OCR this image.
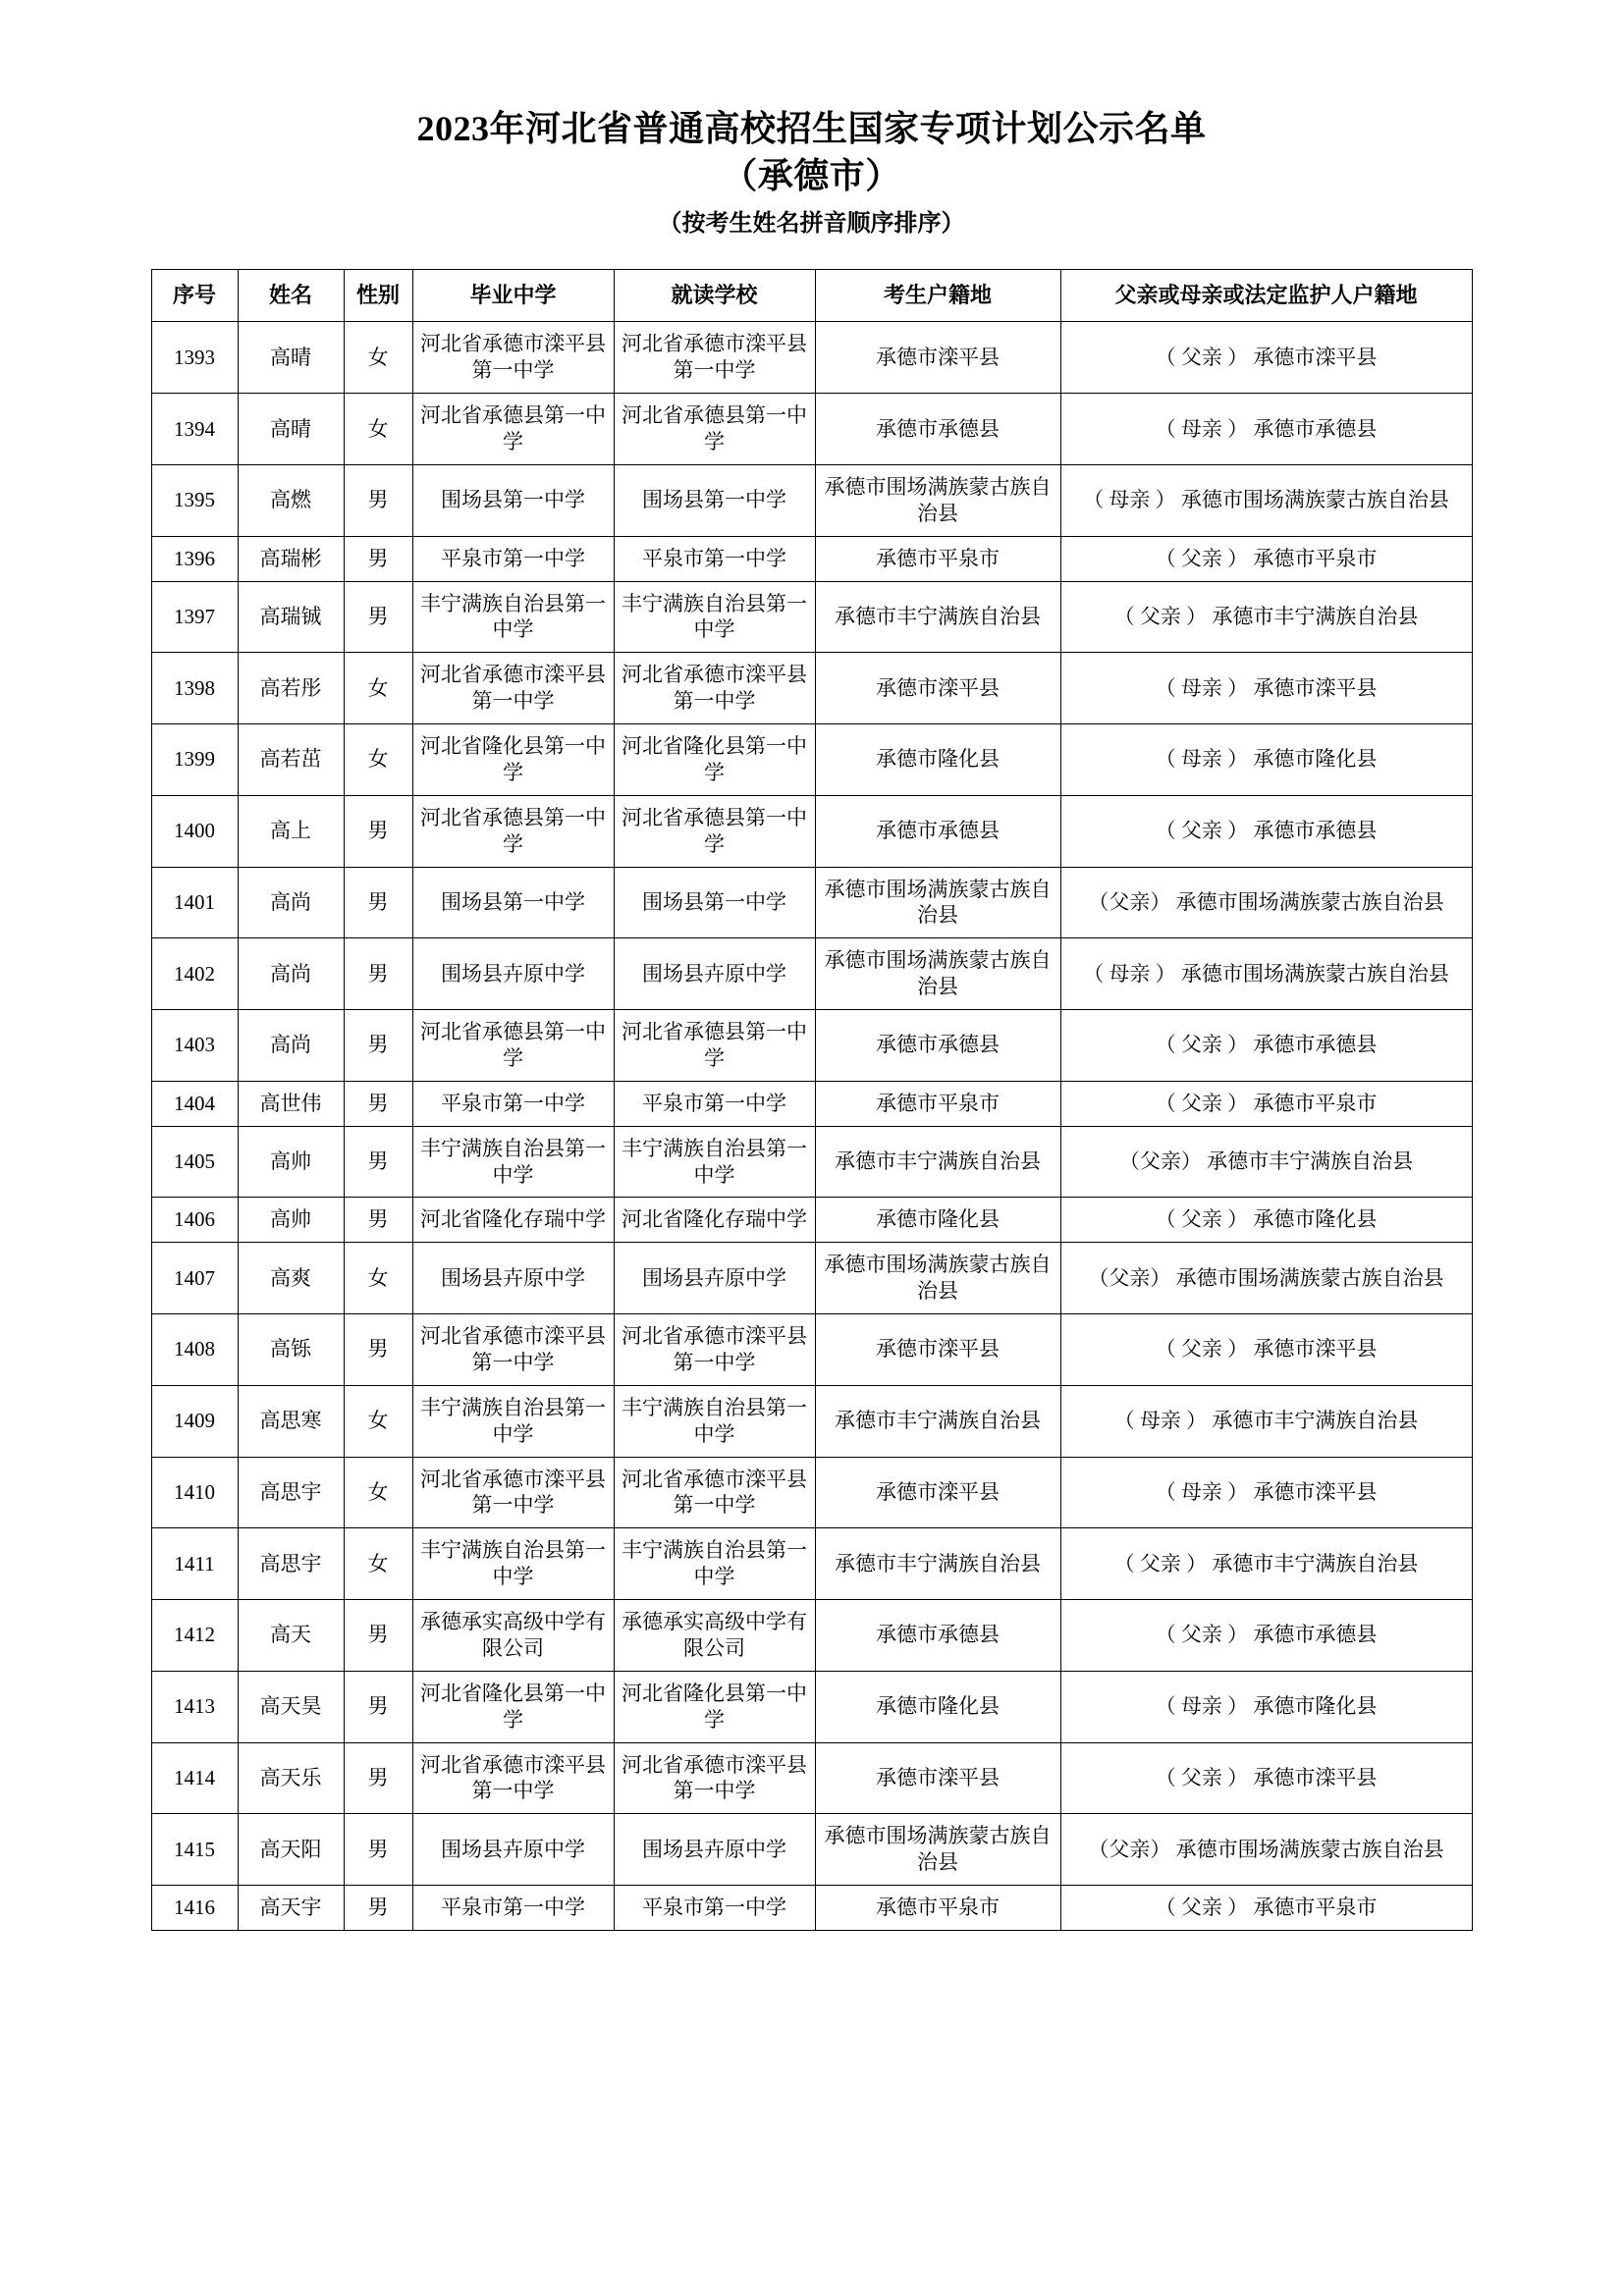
2023年河北省普通高校招生国家专项计划公示名单
（承德市）
（按考生姓名拼音顺序排序）
序号	姓名	性别	毕业中学	就读学校	考生户籍地	父亲或母亲或法定监护人户籍地
1393	高晴	女	河北省承德市滦平县第一中学	河北省承德市滦平县第一中学	承德市滦平县	（ 父亲 ） 承德市滦平县
1394	高晴	女	河北省承德县第一中学	河北省承德县第一中学	承德市承德县	（ 母亲 ） 承德市承德县
1395	高燃	男	围场县第一中学	围场县第一中学	承德市围场满族蒙古族自治县	（ 母亲 ） 承德市围场满族蒙古族自治县
1396	高瑞彬	男	平泉市第一中学	平泉市第一中学	承德市平泉市	（ 父亲 ） 承德市平泉市
1397	高瑞铖	男	丰宁满族自治县第一中学	丰宁满族自治县第一中学	承德市丰宁满族自治县	（ 父亲 ） 承德市丰宁满族自治县
1398	高若彤	女	河北省承德市滦平县第一中学	河北省承德市滦平县第一中学	承德市滦平县	（ 母亲 ） 承德市滦平县
1399	高若茁	女	河北省隆化县第一中学	河北省隆化县第一中学	承德市隆化县	（ 母亲 ） 承德市隆化县
1400	高上	男	河北省承德县第一中学	河北省承德县第一中学	承德市承德县	（ 父亲 ） 承德市承德县
1401	高尚	男	围场县第一中学	围场县第一中学	承德市围场满族蒙古族自治县	（父亲） 承德市围场满族蒙古族自治县
1402	高尚	男	围场县卉原中学	围场县卉原中学	承德市围场满族蒙古族自治县	（ 母亲 ） 承德市围场满族蒙古族自治县
1403	高尚	男	河北省承德县第一中学	河北省承德县第一中学	承德市承德县	（ 父亲 ） 承德市承德县
1404	高世伟	男	平泉市第一中学	平泉市第一中学	承德市平泉市	（ 父亲 ） 承德市平泉市
1405	高帅	男	丰宁满族自治县第一中学	丰宁满族自治县第一中学	承德市丰宁满族自治县	（父亲） 承德市丰宁满族自治县
1406	高帅	男	河北省隆化存瑞中学	河北省隆化存瑞中学	承德市隆化县	（ 父亲 ） 承德市隆化县
1407	高爽	女	围场县卉原中学	围场县卉原中学	承德市围场满族蒙古族自治县	（父亲） 承德市围场满族蒙古族自治县
1408	高铄	男	河北省承德市滦平县第一中学	河北省承德市滦平县第一中学	承德市滦平县	（ 父亲 ） 承德市滦平县
1409	高思寒	女	丰宁满族自治县第一中学	丰宁满族自治县第一中学	承德市丰宁满族自治县	（ 母亲 ） 承德市丰宁满族自治县
1410	高思宇	女	河北省承德市滦平县第一中学	河北省承德市滦平县第一中学	承德市滦平县	（ 母亲 ） 承德市滦平县
1411	高思宇	女	丰宁满族自治县第一中学	丰宁满族自治县第一中学	承德市丰宁满族自治县	（ 父亲 ） 承德市丰宁满族自治县
1412	高天	男	承德承实高级中学有限公司	承德承实高级中学有限公司	承德市承德县	（ 父亲 ） 承德市承德县
1413	高天昊	男	河北省隆化县第一中学	河北省隆化县第一中学	承德市隆化县	（ 母亲 ） 承德市隆化县
1414	高天乐	男	河北省承德市滦平县第一中学	河北省承德市滦平县第一中学	承德市滦平县	（ 父亲 ） 承德市滦平县
1415	高天阳	男	围场县卉原中学	围场县卉原中学	承德市围场满族蒙古族自治县	（父亲） 承德市围场满族蒙古族自治县
1416	高天宇	男	平泉市第一中学	平泉市第一中学	承德市平泉市	（ 父亲 ） 承德市平泉市
